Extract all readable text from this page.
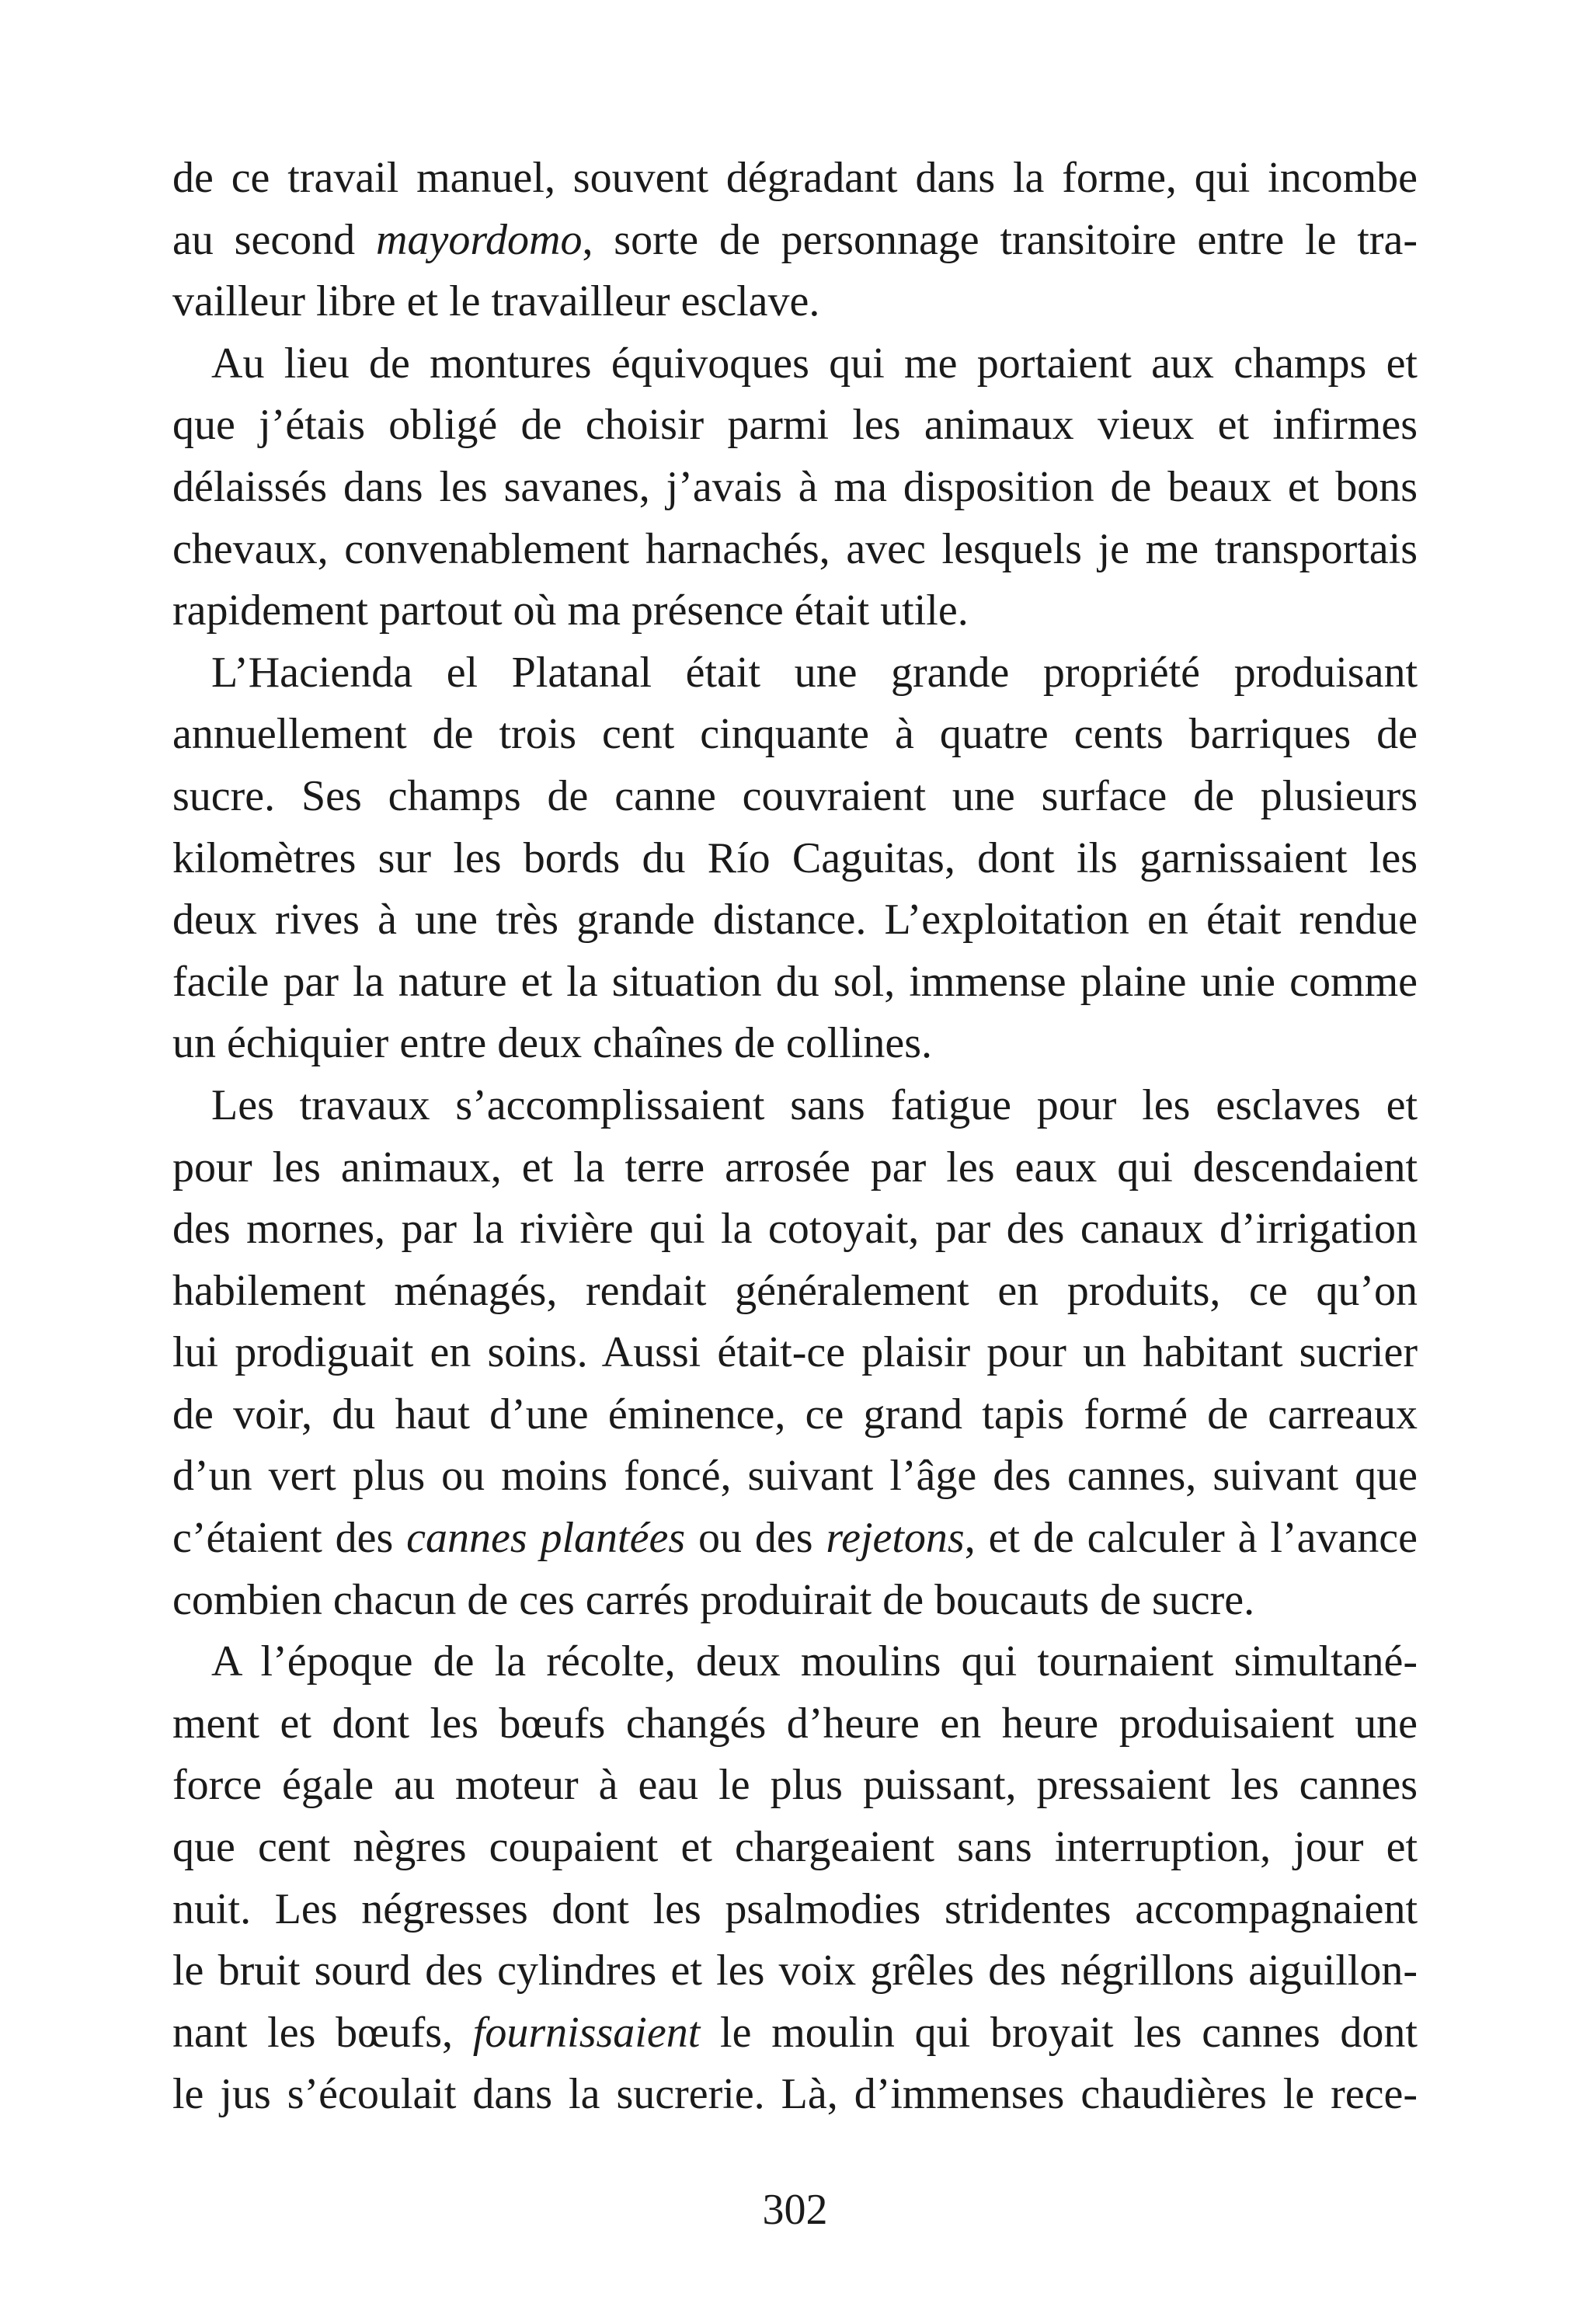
de ce travail manuel, souvent dégradant dans la forme, qui incombe
au second mayordomo, sorte de personnage transitoire entre le tra-
vailleur libre et le travailleur esclave.
Au lieu de montures équivoques qui me portaient aux champs et
que j’étais obligé de choisir parmi les animaux vieux et infirmes
délaissés dans les savanes, j’avais à ma disposition de beaux et bons
chevaux, convenablement harnachés, avec lesquels je me transportais
rapidement partout où ma présence était utile.
L’Hacienda el Platanal était une grande propriété produisant
annuellement de trois cent cinquante à quatre cents barriques de
sucre. Ses champs de canne couvraient une surface de plusieurs
kilomètres sur les bords du Río Caguitas, dont ils garnissaient les
deux rives à une très grande distance. L’exploitation en était rendue
facile par la nature et la situation du sol, immense plaine unie comme
un échiquier entre deux chaînes de collines.
Les travaux s’accomplissaient sans fatigue pour les esclaves et
pour les animaux, et la terre arrosée par les eaux qui descendaient
des mornes, par la rivière qui la cotoyait, par des canaux d’irrigation
habilement ménagés, rendait généralement en produits, ce qu’on
lui prodiguait en soins. Aussi était-ce plaisir pour un habitant sucrier
de voir, du haut d’une éminence, ce grand tapis formé de carreaux
d’un vert plus ou moins foncé, suivant l’âge des cannes, suivant que
c’étaient des cannes plantées ou des rejetons, et de calculer à l’avance
combien chacun de ces carrés produirait de boucauts de sucre.
A l’époque de la récolte, deux moulins qui tournaient simultané-
ment et dont les bœufs changés d’heure en heure produisaient une
force égale au moteur à eau le plus puissant, pressaient les cannes
que cent nègres coupaient et chargeaient sans interruption, jour et
nuit. Les négresses dont les psalmodies stridentes accompagnaient
le bruit sourd des cylindres et les voix grêles des négrillons aiguillon-
nant les bœufs, fournissaient le moulin qui broyait les cannes dont
le jus s’écoulait dans la sucrerie. Là, d’immenses chaudières le rece-
302
